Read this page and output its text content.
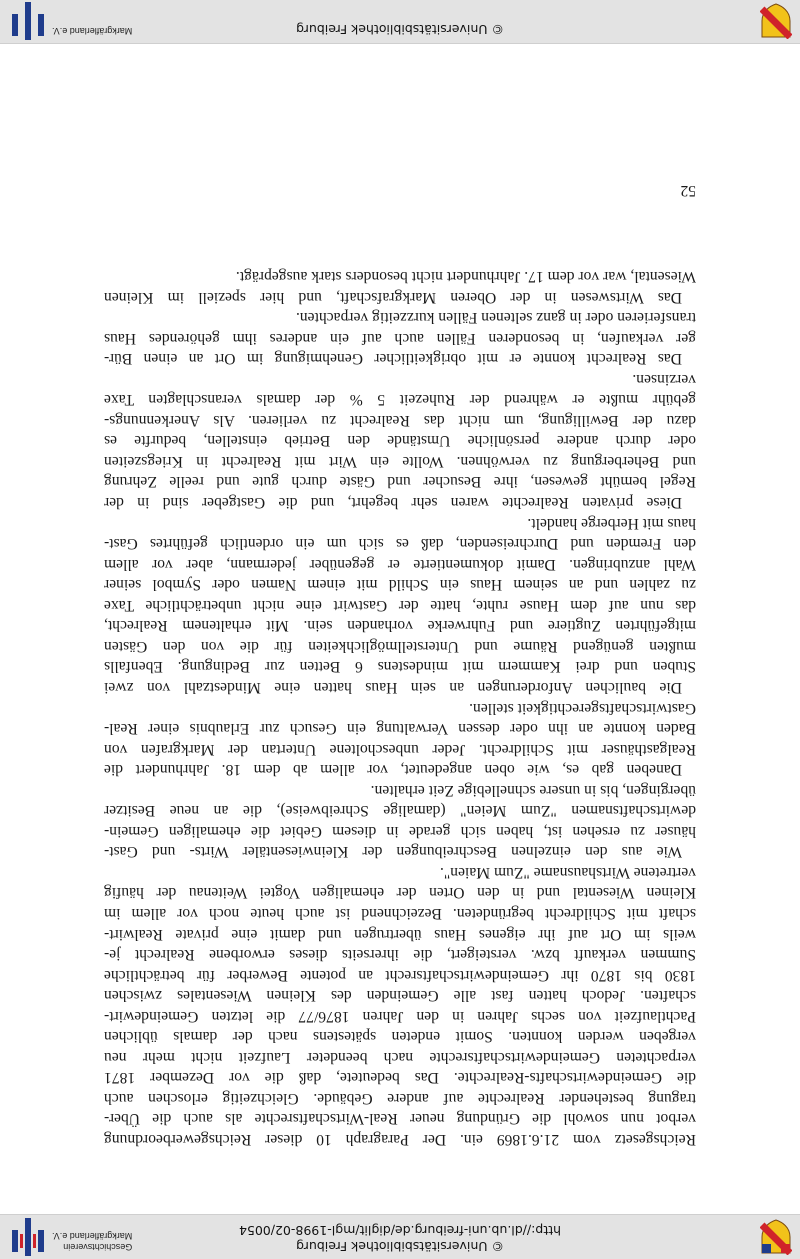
Geschichtsverein
Markgräflerland e.V.
© Universitätsbibliothek Freiburg
http://dl.ub.uni-freiburg.de/diglit/mgl-1998-02/0054
Reichsgesetz vom 21.6.1869 ein. Der Paragraph 10 dieser Reichsgewerbeordnung
verbot nun sowohl die Gründung neuer Real-Wirtschaftsrechte als auch die Über-
tragung bestehender Realrechte auf andere Gebäude. Gleichzeitig erloschen auch
die Gemeindewirtschafts-Realrechte. Das bedeutete, daß die vor Dezember 1871
verpachteten Gemeindewirtschaftsrechte nach beendeter Laufzeit nicht mehr neu
vergeben werden konnten. Somit endeten spätestens nach der damals üblichen
Pachtlaufzeit von sechs Jahren in den Jahren 1876/77 die letzten Gemeindewirt-
schaften. Jedoch hatten fast alle Gemeinden des Kleinen Wiesentales zwischen
1830 bis 1870 ihr Gemeindewirtschaftsrecht an potente Bewerber für beträchtliche
Summen verkauft bzw. versteigert, die ihrerseits dieses erworbene Realrecht je-
weils im Ort auf ihr eigenes Haus übertrugen und damit eine private Realwirt-
schaft mit Schildrecht begründeten. Bezeichnend ist auch heute noch vor allem im
Kleinen Wiesental und in den Orten der ehemaligen Vogtei Weitenau der häufig
vertretene Wirtshausname "Zum Maien".
Wie aus den einzelnen Beschreibungen der Kleinwiesentäler Wirts- und Gast-
häuser zu ersehen ist, haben sich gerade in diesem Gebiet die ehemaligen Gemein-
dewirtschaftsnamen "Zum Meien" (damalige Schreibweise), die an neue Besitzer
übergingen, bis in unsere schnellebige Zeit erhalten.
Daneben gab es, wie oben angedeutet, vor allem ab dem 18. Jahrhundert die
Realgasthäuser mit Schildrecht. Jeder unbescholtene Untertan der Markgrafen von
Baden konnte an ihn oder dessen Verwaltung ein Gesuch zur Erlaubnis einer Real-
Gastwirtschaftsgerechtigkeit stellen.
Die baulichen Anforderungen an sein Haus hatten eine Mindestzahl von zwei
Stuben und drei Kammern mit mindestens 6 Betten zur Bedingung. Ebenfalls
mußten genügend Räume und Unterstellmöglichkeiten für die von den Gästen
mitgeführten Zugtiere und Fuhrwerke vorhanden sein. Mit erhaltenem Realrecht,
das nun auf dem Hause ruhte, hatte der Gastwirt eine nicht unbeträchtliche Taxe
zu zahlen und an seinem Haus ein Schild mit einem Namen oder Symbol seiner
Wahl anzubringen. Damit dokumentierte er gegenüber jedermann, aber vor allem
den Fremden und Durchreisenden, daß es sich um ein ordentlich geführtes Gast-
haus mit Herberge handelt.
Diese privaten Realrechte waren sehr begehrt, und die Gastgeber sind in der
Regel bemüht gewesen, ihre Besucher und Gäste durch gute und reelle Zehrung
und Beherbergung zu verwöhnen. Wollte ein Wirt mit Realrecht in Kriegszeiten
oder durch andere persönliche Umstände den Betrieb einstellen, bedurfte es
dazu der Bewilligung, um nicht das Realrecht zu verlieren. Als Anerkennungs-
gebühr mußte er während der Ruhezeit 5 % der damals veranschlagten Taxe
verzinsen.
Das Realrecht konnte er mit obrigkeitlicher Genehmigung im Ort an einen Bür-
ger verkaufen, in besonderen Fällen auch auf ein anderes ihm gehörendes Haus
transferieren oder in ganz seltenen Fällen kurzzeitig verpachten.
Das Wirtswesen in der Oberen Markgrafschaft, und hier speziell im Kleinen
Wiesental, war vor dem 17. Jahrhundert nicht besonders stark ausgeprägt.
52
Markgräflerland e.V.	© Universitätsbibliothek Freiburg
